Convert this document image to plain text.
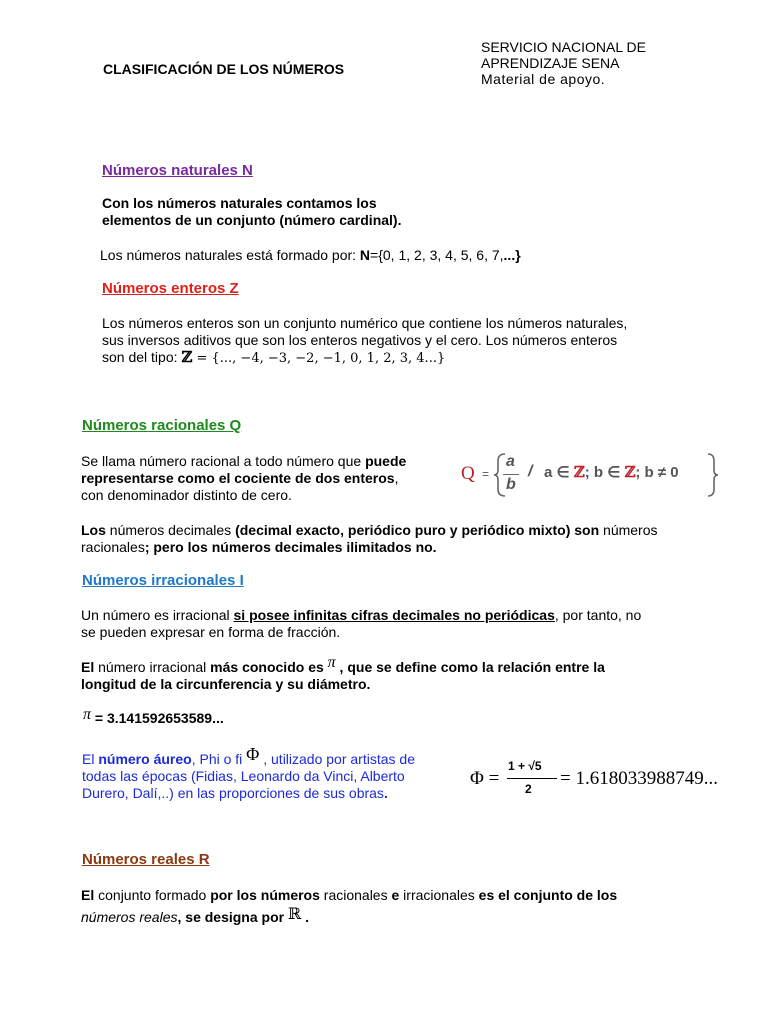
CLASIFICACIÓN DE LOS NÚMEROS
SERVICIO NACIONAL DE
APRENDIZAJE SENA
Material de apoyo.
Números naturales N
Con los números naturales contamos los
elementos de un conjunto (número cardinal).
Los números naturales está formado por: N={0, 1, 2, 3, 4, 5, 6, 7,...}
Números enteros Z
Los números enteros son un conjunto numérico que contiene los números naturales,
sus inversos aditivos que son los enteros negativos y el cero. Los números enteros
son del tipo: ℤ = {..., −4, −3, −2, −1, 0, 1, 2, 3, 4...}
Números racionales Q
Se llama número racional a todo número que puede
representarse como el cociente de dos enteros,
con denominador distinto de cero.
Q =
a
b
/ a ∈ ℤ; b ∈ ℤ; b ≠ 0
Los números decimales (decimal exacto, periódico puro y periódico mixto) son números
racionales; pero los números decimales ilimitados no.
Números irracionales I
Un número es irracional si posee infinitas cifras decimales no periódicas, por tanto, no
se pueden expresar en forma de fracción.
El número irracional más conocido es π , que se define como la relación entre la
longitud de la circunferencia y su diámetro.
π = 3.141592653589...
El número áureo, Phi o fi Φ , utilizado por artistas de
todas las épocas (Fidias, Leonardo da Vinci, Alberto
Durero, Dalí,..) en las proporciones de sus obras.
Φ =
1 + √5
2 = 1.618033988749...
Números reales R
El conjunto formado por los números racionales e irracionales es el conjunto de los
números reales, se designa por ℝ .
